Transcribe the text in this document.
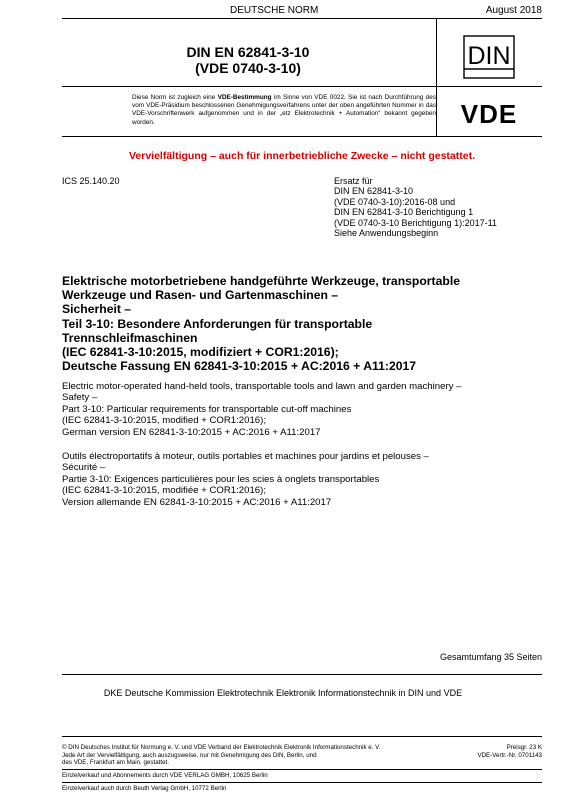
DEUTSCHE NORM	August 2018
DIN EN 62841-3-10
(VDE 0740-3-10)	DIN
Diese Norm ist zugleich eine VDE-Bestimmung im Sinne von VDE 0022. Sie ist nach Durchführung des vom VDE-Präsidium beschlossenen Genehmigungsverfahrens unter der oben angeführten Nummer in das VDE-Vorschriftenwerk aufgenommen und in der „etz Elektrotechnik + Automation“ bekannt gegeben worden.	VDE
Vervielfältigung – auch für innerbetriebliche Zwecke – nicht gestattet.
ICS 25.140.20	Ersatz für
DIN EN 62841-3-10
(VDE 0740-3-10):2016-08 und
DIN EN 62841-3-10 Berichtigung 1
(VDE 0740-3-10 Berichtigung 1):2017-11
Siehe Anwendungsbeginn
Elektrische motorbetriebene handgeführte Werkzeuge, transportable
Werkzeuge und Rasen- und Gartenmaschinen –
Sicherheit –
Teil 3-10: Besondere Anforderungen für transportable
Trennschleifmaschinen
(IEC 62841-3-10:2015, modifiziert + COR1:2016);
Deutsche Fassung EN 62841-3-10:2015 + AC:2016 + A11:2017
Electric motor-operated hand-held tools, transportable tools and lawn and garden machinery –
Safety –
Part 3-10: Particular requirements for transportable cut-off machines
(IEC 62841-3-10:2015, modified + COR1:2016);
German version EN 62841-3-10:2015 + AC:2016 + A11:2017
Outils électroportatifs à moteur, outils portables et machines pour jardins et pelouses –
Sécurité –
Partie 3-10: Exigences particulières pour les scies à onglets transportables
(IEC 62841-3-10:2015, modifiée + COR1:2016);
Version allemande EN 62841-3-10:2015 + AC:2016 + A11:2017
Gesamtumfang 35 Seiten
DKE Deutsche Kommission Elektrotechnik Elektronik Informationstechnik in DIN und VDE
© DIN Deutsches Institut für Normung e. V. und VDE Verband der Elektrotechnik Elektronik Informationstechnik e. V.
Jede Art der Vervielfältigung, auch auszugsweise, nur mit Genehmigung des DIN, Berlin, und
des VDE, Frankfurt am Main, gestattet.
Preisgr. 23 K
VDE-Vertr.-Nr. 0701143
Einzelverkauf und Abonnements durch VDE VERLAG GMBH, 10625 Berlin
Einzelverkauf auch durch Beuth Verlag GmbH, 10772 Berlin
